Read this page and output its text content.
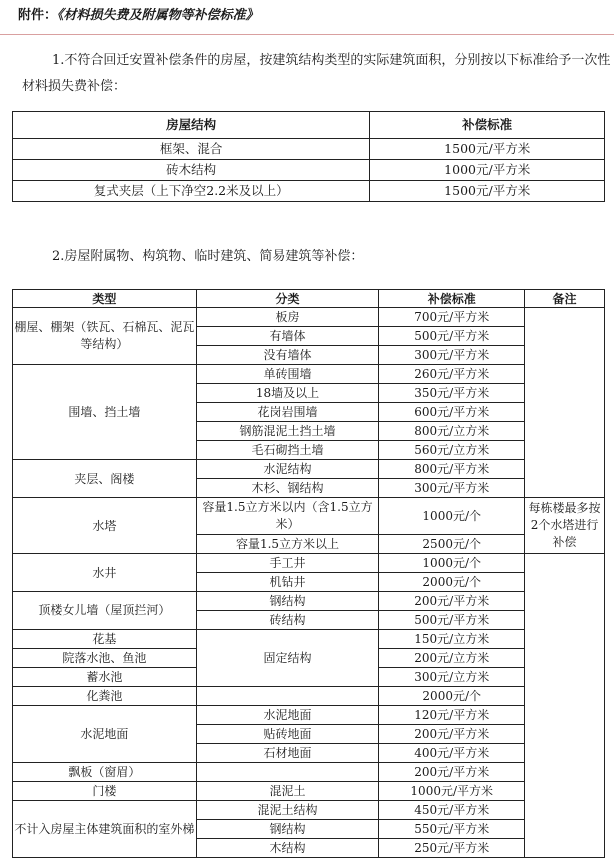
附件：《材料损失费及附属物等补偿标准》
1.不符合回迁安置补偿条件的房屋，按建筑结构类型的实际建筑面积，分别按以下标准给予一次性材料损失费补偿：
房屋结构	补偿标准
框架、混合	1500元/平方米
砖木结构	1000元/平方米
复式夹层（上下净空2.2米及以上）	1500元/平方米
2.房屋附属物、构筑物、临时建筑、简易建筑等补偿：
类型	分类	补偿标准	备注
棚屋、棚架（铁瓦、石棉瓦、泥瓦等结构）	板房	700元/平方米	
	有墙体	500元/平方米	
	没有墙体	300元/平方米	
围墙、挡土墙	单砖围墙	260元/平方米	
	18墙及以上	350元/平方米	
	花岗岩围墙	600元/平方米	
	钢筋混泥土挡土墙	800元/立方米	
	毛石砌挡土墙	560元/立方米	
夹层、阁楼	水泥结构	800元/平方米	
	木杉、钢结构	300元/平方米	
水塔	容量1.5立方米以内（含1.5立方米）	1000元/个	每栋楼最多按2个水塔进行补偿
	容量1.5立方米以上	2500元/个	
水井	手工井	1000元/个	
	机钻井	2000元/个	
顶楼女儿墙（屋顶拦河）	钢结构	200元/平方米	
	砖结构	500元/平方米	
花基	固定结构	150元/立方米	
院落水池、鱼池		200元/立方米	
蓄水池		300元/立方米	
化粪池		2000元/个	
水泥地面	水泥地面	120元/平方米	
	贴砖地面	200元/平方米	
	石材地面	400元/平方米	
飘板（窗眉）		200元/平方米	
门楼	混泥土	1000元/平方米	
不计入房屋主体建筑面积的室外梯	混泥土结构	450元/平方米	
	钢结构	550元/平方米	
	木结构	250元/平方米	
